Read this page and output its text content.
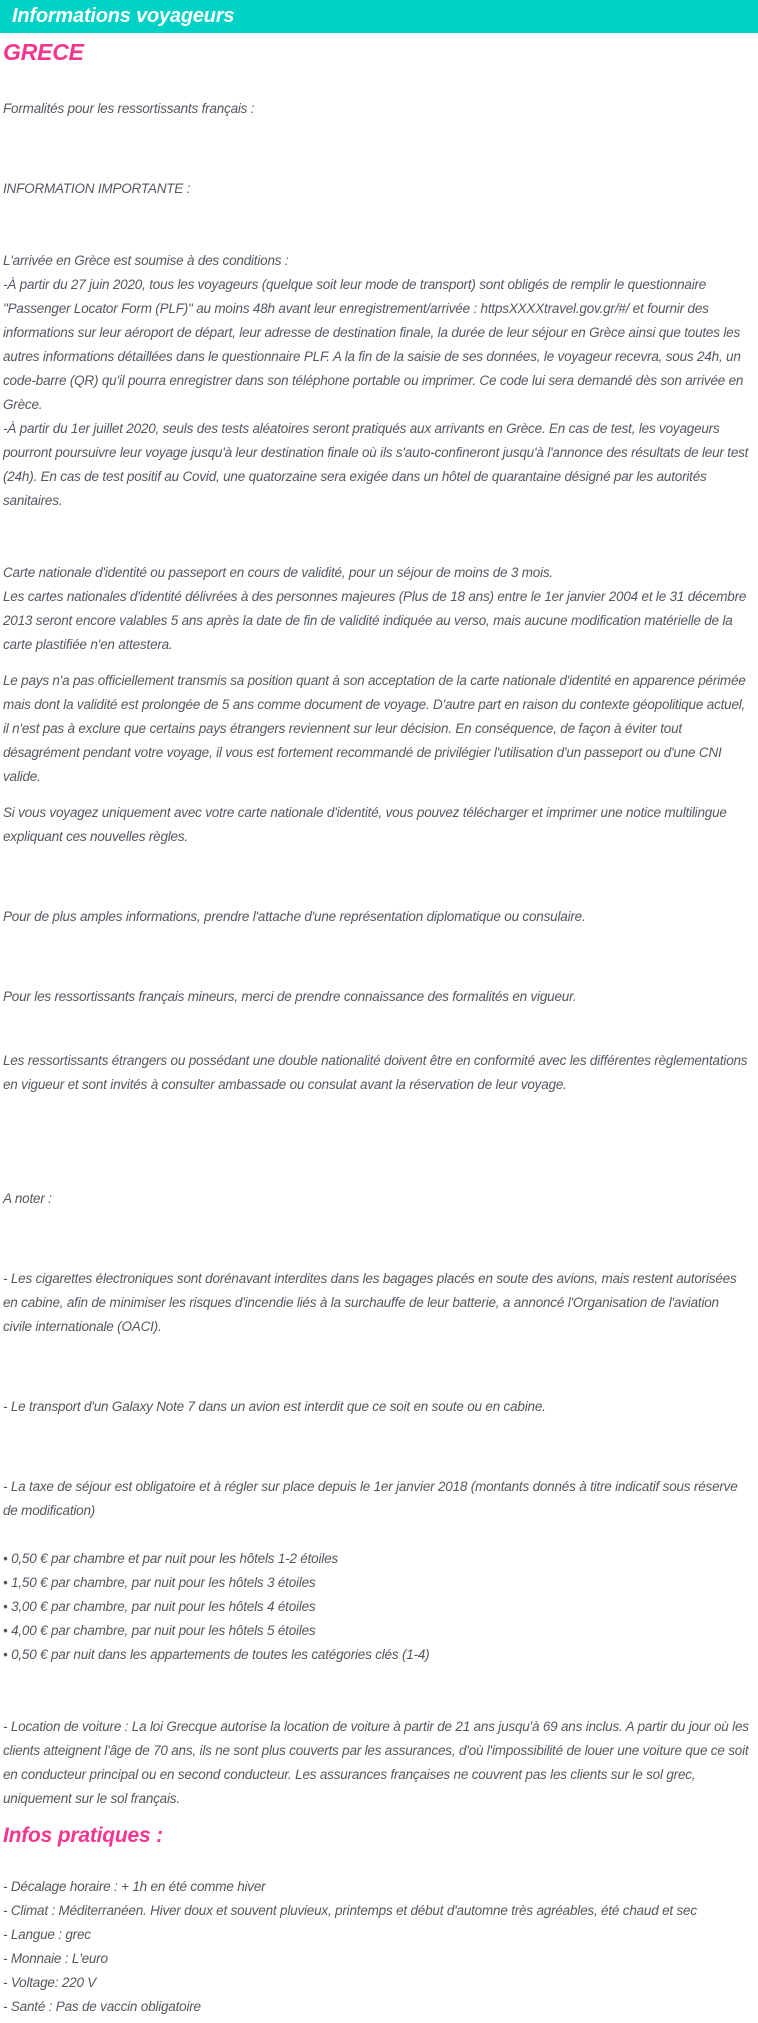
Informations voyageurs
GRECE

Formalités pour les ressortissants français :

INFORMATION IMPORTANTE :

L'arrivée en Grèce est soumise à des conditions :

-À partir du 27 juin 2020, tous les voyageurs (quelque soit leur mode de transport) sont obligés de remplir le questionnaire "Passenger Locator Form (PLF)" au moins 48h avant leur enregistrement/arrivée : httpsXXXXtravel.gov.gr/#/ et fournir des informations sur leur aéroport de départ, leur adresse de destination finale, la durée de leur séjour en Grèce ainsi que toutes les autres informations détaillées dans le questionnaire PLF. A la fin de la saisie de ses données, le voyageur recevra, sous 24h, un code-barre (QR) qu'il pourra enregistrer dans son téléphone portable ou imprimer. Ce code lui sera demandé dès son arrivée en Grèce.

-À partir du 1er juillet 2020, seuls des tests aléatoires seront pratiqués aux arrivants en Grèce. En cas de test, les voyageurs pourront poursuivre leur voyage jusqu'à leur destination finale où ils s'auto-confineront jusqu'à l'annonce des résultats de leur test (24h). En cas de test positif au Covid, une quatorzaine sera exigée dans un hôtel de quarantaine désigné par les autorités sanitaires.

Carte nationale d'identité ou passeport en cours de validité, pour un séjour de moins de 3 mois.

Les cartes nationales d'identité délivrées à des personnes majeures (Plus de 18 ans) entre le 1er janvier 2004 et le 31 décembre 2013 seront encore valables 5 ans après la date de fin de validité indiquée au verso, mais aucune modification matérielle de la carte plastifiée n'en attestera.

Le pays n'a pas officiellement transmis sa position quant à son acceptation de la carte nationale d'identité en apparence périmée mais dont la validité est prolongée de 5 ans comme document de voyage. D'autre part en raison du contexte géopolitique actuel, il n'est pas à exclure que certains pays étrangers reviennent sur leur décision. En conséquence, de façon à éviter tout désagrément pendant votre voyage, il vous est fortement recommandé de privilégier l'utilisation d'un passeport ou d'une CNI valide.

Si vous voyagez uniquement avec votre carte nationale d'identité, vous pouvez télécharger et imprimer une notice multilingue expliquant ces nouvelles règles.

Pour de plus amples informations, prendre l'attache d'une représentation diplomatique ou consulaire.

Pour les ressortissants français mineurs, merci de prendre connaissance des formalités en vigueur.

Les ressortissants étrangers ou possédant une double nationalité doivent être en conformité avec les différentes règlementations en vigueur et sont invités à consulter ambassade ou consulat avant la réservation de leur voyage.

A noter :

- Les cigarettes électroniques sont dorénavant interdites dans les bagages placés en soute des avions, mais restent autorisées en cabine, afin de minimiser les risques d'incendie liés à la surchauffe de leur batterie, a annoncé l'Organisation de l'aviation civile internationale (OACI).

- Le transport d'un Galaxy Note 7 dans un avion est interdit que ce soit en soute ou en cabine.

- La taxe de séjour est obligatoire et à régler sur place depuis le 1er janvier 2018 (montants donnés à titre indicatif sous réserve de modification)

• 0,50 € par chambre et par nuit pour les hôtels 1-2 étoiles
• 1,50 € par chambre, par nuit pour les hôtels 3 étoiles
• 3,00 € par chambre, par nuit pour les hôtels 4 étoiles
• 4,00 € par chambre, par nuit pour les hôtels 5 étoiles
• 0,50 € par nuit dans les appartements de toutes les catégories clés (1-4)

- Location de voiture : La loi Grecque autorise la location de voiture à partir de 21 ans jusqu'à 69 ans inclus. A partir du jour où les clients atteignent l'âge de 70 ans, ils ne sont plus couverts par les assurances, d'où l'impossibilité de louer une voiture que ce soit en conducteur principal ou en second conducteur. Les assurances françaises ne couvrent pas les clients sur le sol grec, uniquement sur le sol français.

Infos pratiques :

- Décalage horaire : + 1h en été comme hiver

- Climat : Méditerranéen. Hiver doux et souvent pluvieux, printemps et début d'automne très agréables, été chaud et sec

- Langue : grec

- Monnaie : L'euro

- Voltage: 220 V

- Santé : Pas de vaccin obligatoire
